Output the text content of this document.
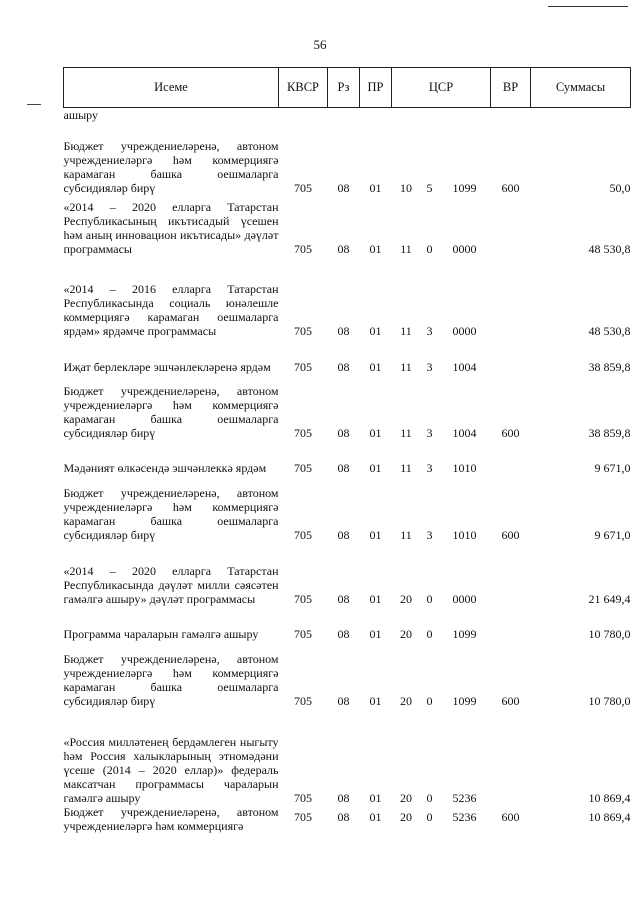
56
Исеме	КВСР	Рз	ПР	ЦСР			ВР	Суммасы
ашыру								
Бюджет учреждениеләренә, автоном учреждениеләргә һәм коммерциягә карамаган башка оешмаларга субсидияләр бирү	705	08	01	10	5	1099	600	50,0
«2014 – 2020 елларга Татарстан Республикасының икътисадый үсешен һәм аның инновацион икътисады» дәүләт программасы	705	08	01	11	0	0000		48 530,8
«2014 – 2016 елларга Татарстан Республикасында социаль юнәлешле коммерциягә карамаган оешмаларга ярдәм» ярдәмче программасы	705	08	01	11	3	0000		48 530,8
Иҗат берлекләре эшчәнлекләренә ярдәм	705	08	01	11	3	1004		38 859,8
Бюджет учреждениеләренә, автоном учреждениеләргә һәм коммерциягә карамаган башка оешмаларга субсидияләр бирү	705	08	01	11	3	1004	600	38 859,8
Мәдәният өлкәсендә эшчәнлеккә ярдәм	705	08	01	11	3	1010		9 671,0
Бюджет учреждениеләренә, автоном учреждениеләргә һәм коммерциягә карамаган башка оешмаларга субсидияләр бирү	705	08	01	11	3	1010	600	9 671,0
«2014 – 2020 елларга Татарстан Республикасында дәүләт милли сәясәтен гамәлгә ашыру» дәүләт программасы	705	08	01	20	0	0000		21 649,4
Программа чараларын гамәлгә ашыру	705	08	01	20	0	1099		10 780,0
Бюджет учреждениеләренә, автоном учреждениеләргә һәм коммерциягә карамаган башка оешмаларга субсидияләр бирү	705	08	01	20	0	1099	600	10 780,0
«Россия милләтенең бердәмлеген ныгыту һәм Россия халыкларының этномәдәни үсеше (2014 – 2020 еллар)» федераль максатчан программасы чараларын гамәлгә ашыру	705	08	01	20	0	5236		10 869,4
Бюджет учреждениеләренә, автоном учреждениеләргә һәм коммерциягә	705	08	01	20	0	5236	600	10 869,4
